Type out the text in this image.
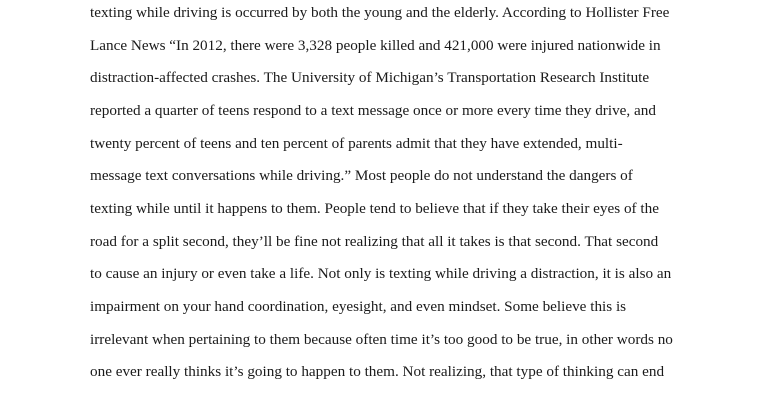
texting while driving is occurred by both the young and the elderly. According to Hollister Free
Lance News “In 2012, there were 3,328 people killed and 421,000 were injured nationwide in
distraction-affected crashes. The University of Michigan’s Transportation Research Institute
reported a quarter of teens respond to a text message once or more every time they drive, and
twenty percent of teens and ten percent of parents admit that they have extended, multi-
message text conversations while driving.” Most people do not understand the dangers of
texting while until it happens to them. People tend to believe that if they take their eyes of the
road for a split second, they’ll be fine not realizing that all it takes is that second. That second
to cause an injury or even take a life. Not only is texting while driving a distraction, it is also an
impairment on your hand coordination, eyesight, and even mindset. Some believe this is
irrelevant when pertaining to them because often time it’s too good to be true, in other words no
one ever really thinks it’s going to happen to them. Not realizing, that type of thinking can end
